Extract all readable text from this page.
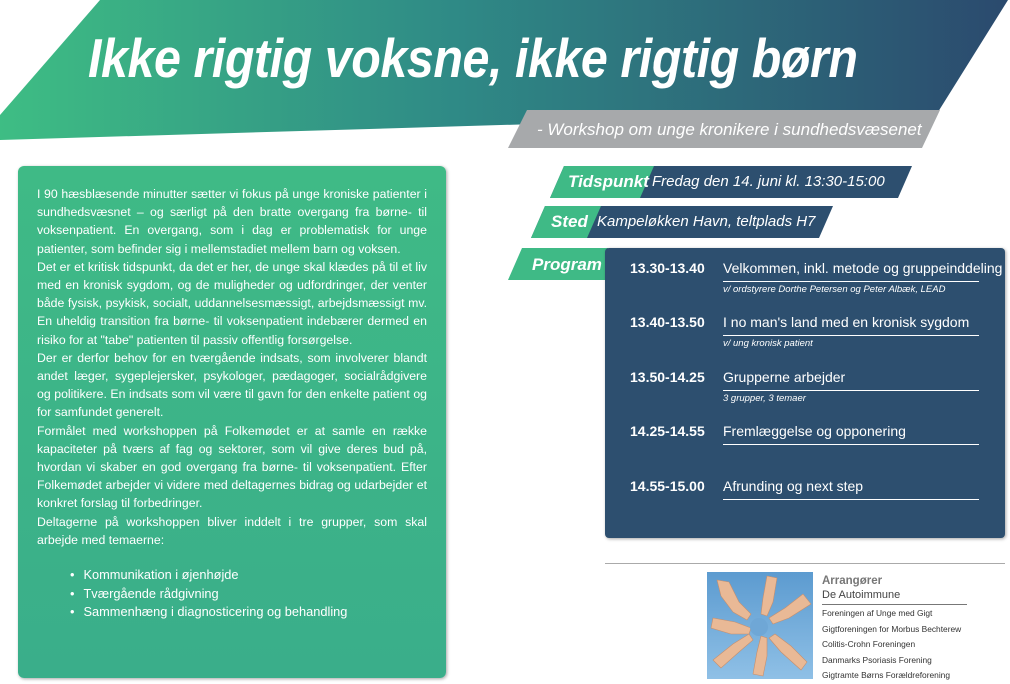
Ikke rigtig voksne, ikke rigtig børn
- Workshop om unge kronikere i sundhedsvæsenet

I 90 hæsblæsende minutter sætter vi fokus på unge kroniske patienter i sundhedsvæsnet – og særligt på den bratte overgang fra børne- til voksenpatient. En overgang, som i dag er problematisk for unge patienter, som befinder sig i mellemstadiet mellem barn og voksen.

Det er et kritisk tidspunkt, da det er her, de unge skal klædes på til et liv med en kronisk sygdom, og de muligheder og udfordringer, der venter både fysisk, psykisk, socialt, uddannelsesmæssigt, arbejdsmæssigt mv. En uheldig transition fra børne- til voksenpatient indebærer dermed en risiko for at "tabe" patienten til passiv offentlig forsørgelse.

Der er derfor behov for en tværgående indsats, som involverer blandt andet læger, sygeplejersker, psykologer, pædagoger, socialrådgivere og politikere. En indsats som vil være til gavn for den enkelte patient og for samfundet generelt.

Formålet med workshoppen på Folkemødet er at samle en række kapaciteter på tværs af fag og sektorer, som vil give deres bud på, hvordan vi skaber en god overgang fra børne- til voksenpatient. Efter Folkemødet arbejder vi videre med deltagernes bidrag og udarbejder et konkret forslag til forbedringer.

Deltagerne på workshoppen bliver inddelt i tre grupper, som skal arbejde med temaerne:

• Kommunikation i øjenhøjde
• Tværgående rådgivning
• Sammenhæng i diagnosticering og behandling
Tidspunkt Fredag den 14. juni kl. 13:30-15:00
Sted Kampeløkken Havn, teltplads H7
Program 13.30-13.40 Velkommen, inkl. metode og gruppeinddeling
v/ ordstyrere Dorthe Petersen og Peter Albæk, LEAD
13.40-13.50 I no man's land med en kronisk sygdom
v/ ung kronisk patient
13.50-14.25 Grupperne arbejder
3 grupper, 3 temaer
14.25-14.55 Fremlæggelse og opponering
14.55-15.00 Afrunding og next step
Arrangører
De Autoimmune
Foreningen af Unge med Gigt
Gigtforeningen for Morbus Bechterew
Colitis-Crohn Foreningen
Danmarks Psoriasis Forening
Gigtramte Børns Forældreforening
